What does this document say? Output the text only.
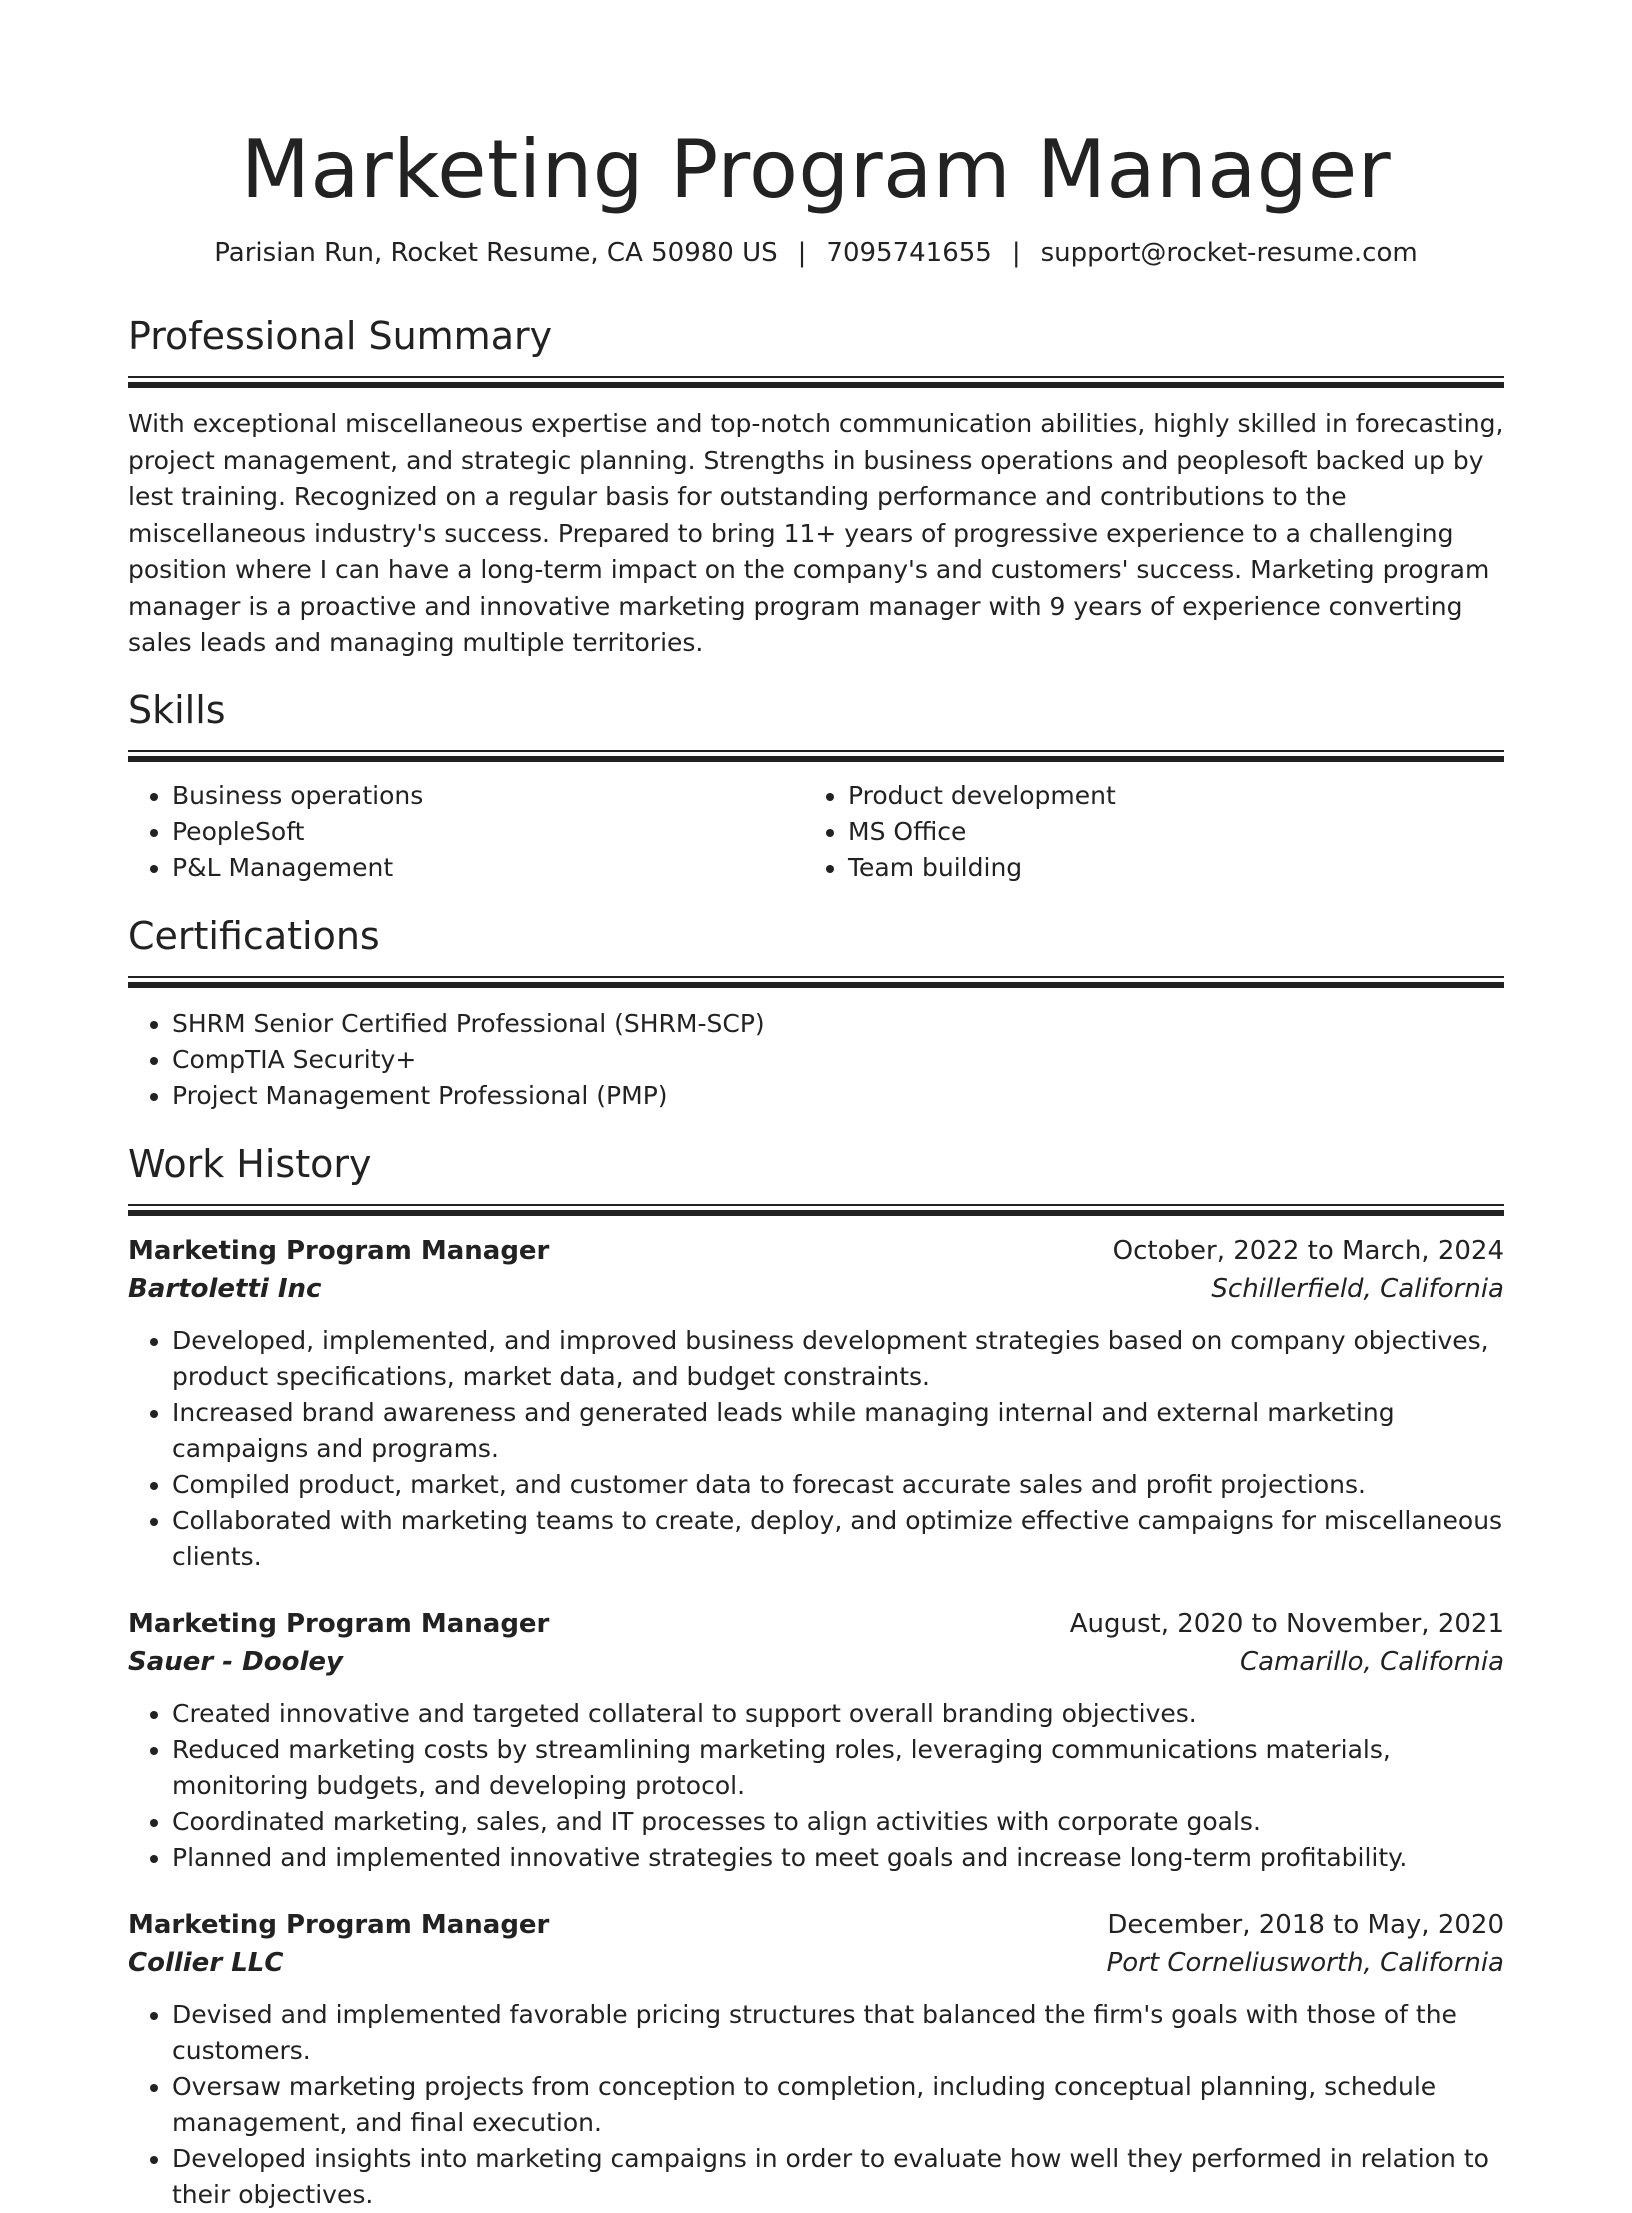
Marketing Program Manager
Parisian Run, Rocket Resume, CA 50980 US | 7095741655 | support@rocket-resume.com
Professional Summary

With exceptional miscellaneous expertise and top-notch communication abilities, highly skilled in forecasting, project management, and strategic planning. Strengths in business operations and peoplesoft backed up by lest training. Recognized on a regular basis for outstanding performance and contributions to the miscellaneous industry's success. Prepared to bring 11+ years of progressive experience to a challenging position where I can have a long-term impact on the company's and customers' success. Marketing program manager is a proactive and innovative marketing program manager with 9 years of experience converting sales leads and managing multiple territories.

Skills
• Business operations
• PeopleSoft
• P&L Management
• Product development
• MS Office
• Team building
Certifications
• SHRM Senior Certified Professional (SHRM-SCP)
• CompTIA Security+
• Project Management Professional (PMP)
Work History
Marketing Program Manager	October, 2022 to March, 2024
Bartoletti Inc	Schillerfield, California
• Developed, implemented, and improved business development strategies based on company objectives, product specifications, market data, and budget constraints.
• Increased brand awareness and generated leads while managing internal and external marketing campaigns and programs.
• Compiled product, market, and customer data to forecast accurate sales and profit projections.
• Collaborated with marketing teams to create, deploy, and optimize effective campaigns for miscellaneous clients.
Marketing Program Manager	August, 2020 to November, 2021
Sauer - Dooley	Camarillo, California
• Created innovative and targeted collateral to support overall branding objectives.
• Reduced marketing costs by streamlining marketing roles, leveraging communications materials, monitoring budgets, and developing protocol.
• Coordinated marketing, sales, and IT processes to align activities with corporate goals.
• Planned and implemented innovative strategies to meet goals and increase long-term profitability.
Marketing Program Manager	December, 2018 to May, 2020
Collier LLC	Port Corneliusworth, California
• Devised and implemented favorable pricing structures that balanced the firm's goals with those of the customers.
• Oversaw marketing projects from conception to completion, including conceptual planning, schedule management, and final execution.
• Developed insights into marketing campaigns in order to evaluate how well they performed in relation to their objectives.
